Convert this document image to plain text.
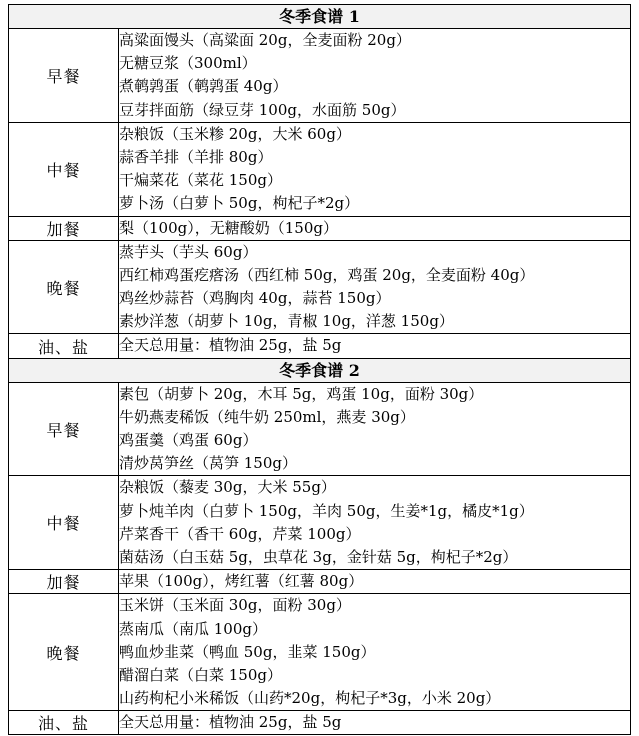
冬季食谱 1	
早餐	高粱面馒头（高粱面 20g，全麦面粉 20g）
无糖豆浆（300ml）
煮鹌鹑蛋（鹌鹑蛋 40g）
豆芽拌面筋（绿豆芽 100g，水面筋 50g）

中餐	杂粮饭（玉米糁 20g，大米 60g）
蒜香羊排（羊排 80g）
干煸菜花（菜花 150g）
萝卜汤（白萝卜 50g，枸杞子*2g）

加餐	梨（100g），无糖酸奶（150g）

晚餐	蒸芋头（芋头 60g）
西红柿鸡蛋疙瘩汤（西红柿 50g，鸡蛋 20g，全麦面粉 40g）
鸡丝炒蒜苔（鸡胸肉 40g，蒜苔 150g）
素炒洋葱（胡萝卜 10g，青椒 10g，洋葱 150g）

油、盐	全天总用量：植物油 25g，盐 5g

冬季食谱 2	
早餐	素包（胡萝卜 20g，木耳 5g，鸡蛋 10g，面粉 30g）
牛奶燕麦稀饭（纯牛奶 250ml，燕麦 30g）
鸡蛋羹（鸡蛋 60g）
清炒莴笋丝（莴笋 150g）

中餐	杂粮饭（藜麦 30g，大米 55g）
萝卜炖羊肉（白萝卜 150g，羊肉 50g，生姜*1g，橘皮*1g）
芹菜香干（香干 60g，芹菜 100g）
菌菇汤（白玉菇 5g，虫草花 3g，金针菇 5g，枸杞子*2g）

加餐	苹果（100g），烤红薯（红薯 80g）

晚餐	玉米饼（玉米面 30g，面粉 30g）
蒸南瓜（南瓜 100g）
鸭血炒韭菜（鸭血 50g，韭菜 150g）
醋溜白菜（白菜 150g）
山药枸杞小米稀饭（山药*20g，枸杞子*3g，小米 20g）

油、盐	全天总用量：植物油 25g，盐 5g
